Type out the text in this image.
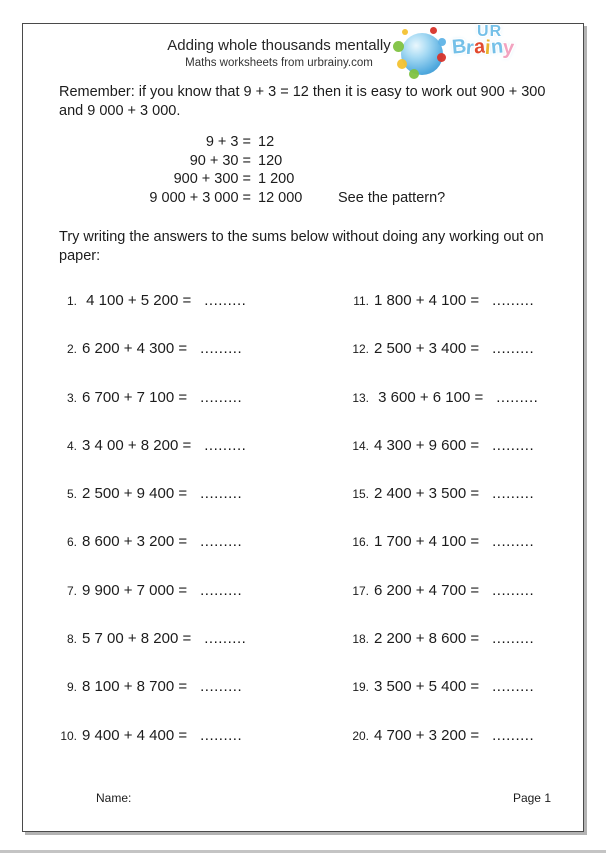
Adding whole thousands mentally
Maths worksheets from urbrainy.com
UR
Brainy

Remember: if you know that 9 + 3 = 12 then it is easy to work out 900 + 300
and 9 000 + 3 000.

See the pattern?
9 + 3 = 12
90 + 30 = 120
900 + 300 = 1 200
9 000 + 3 000 = 12 000

Try writing the answers to the sums below without doing any working out on
paper:

1. 4 100 + 5 200 = .........
2. 6 200 + 4 300 = .........
3. 6 700 + 7 100 = .........
4. 3 4 00 + 8 200 = .........
5. 2 500 + 9 400 = .........
6. 8 600 + 3 200 = .........
7. 9 900 + 7 000 = .........
8. 5 7 00 + 8 200 = .........
9. 8 100 + 8 700 = .........
10. 9 400 + 4 400 = .........
11. 1 800 + 4 100 = .........
12. 2 500 + 3 400 = .........
13. 3 600 + 6 100 = .........
14. 4 300 + 9 600 = .........
15. 2 400 + 3 500 = .........
16. 1 700 + 4 100 = .........
17. 6 200 + 4 700 = .........
18. 2 200 + 8 600 = .........
19. 3 500 + 5 400 = .........
20. 4 700 + 3 200 = .........
Name:	Page 1
